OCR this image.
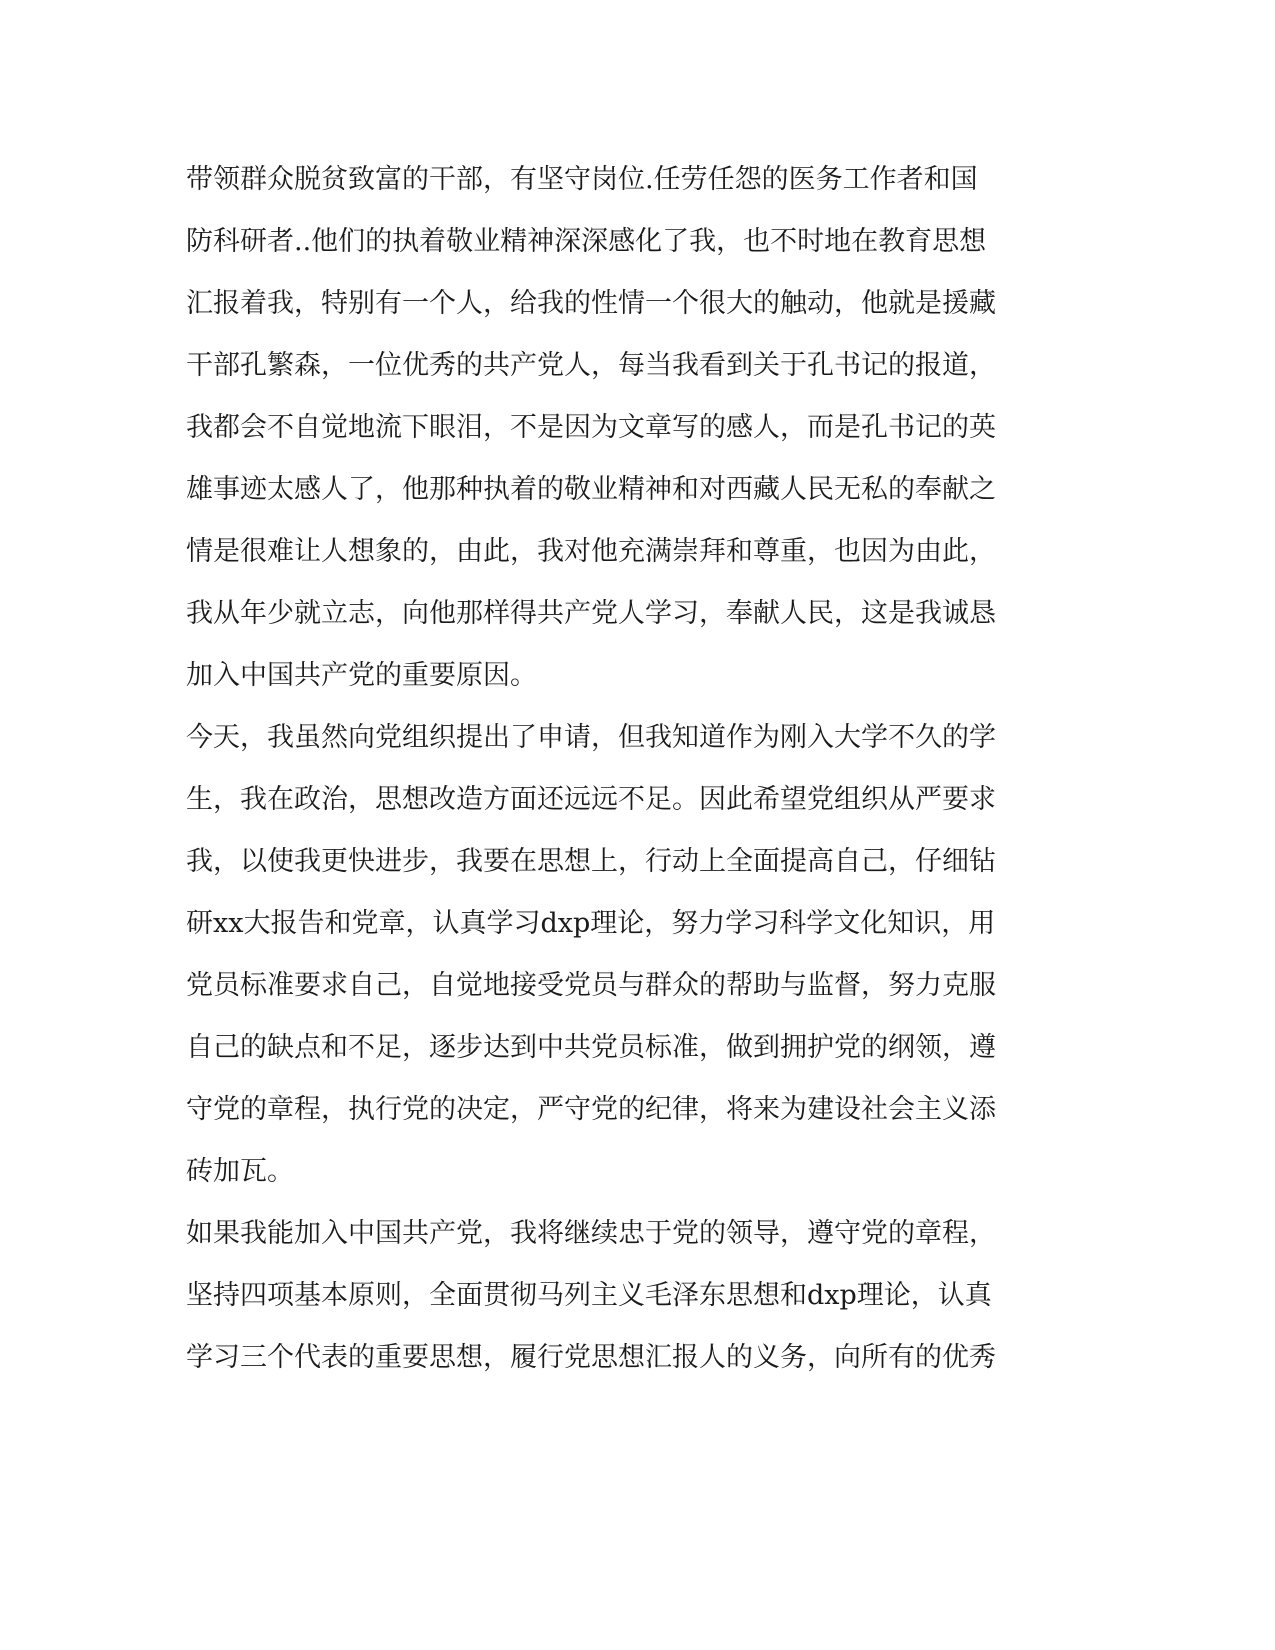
带领群众脱贫致富的干部，有坚守岗位.任劳任怨的医务工作者和国
防科研者..他们的执着敬业精神深深感化了我，也不时地在教育思想
汇报着我，特别有一个人，给我的性情一个很大的触动，他就是援藏
干部孔繁森，一位优秀的共产党人，每当我看到关于孔书记的报道，
我都会不自觉地流下眼泪，不是因为文章写的感人，而是孔书记的英
雄事迹太感人了，他那种执着的敬业精神和对西藏人民无私的奉献之
情是很难让人想象的，由此，我对他充满崇拜和尊重，也因为由此，
我从年少就立志，向他那样得共产党人学习，奉献人民，这是我诚恳
加入中国共产党的重要原因。
今天，我虽然向党组织提出了申请，但我知道作为刚入大学不久的学
生，我在政治，思想改造方面还远远不足。因此希望党组织从严要求
我，以使我更快进步，我要在思想上，行动上全面提高自己，仔细钻
研xx大报告和党章，认真学习dxp理论，努力学习科学文化知识，用
党员标准要求自己，自觉地接受党员与群众的帮助与监督，努力克服
自己的缺点和不足，逐步达到中共党员标准，做到拥护党的纲领，遵
守党的章程，执行党的决定，严守党的纪律，将来为建设社会主义添
砖加瓦。
如果我能加入中国共产党，我将继续忠于党的领导，遵守党的章程，
坚持四项基本原则，全面贯彻马列主义毛泽东思想和dxp理论，认真
学习三个代表的重要思想，履行党思想汇报人的义务，向所有的优秀
